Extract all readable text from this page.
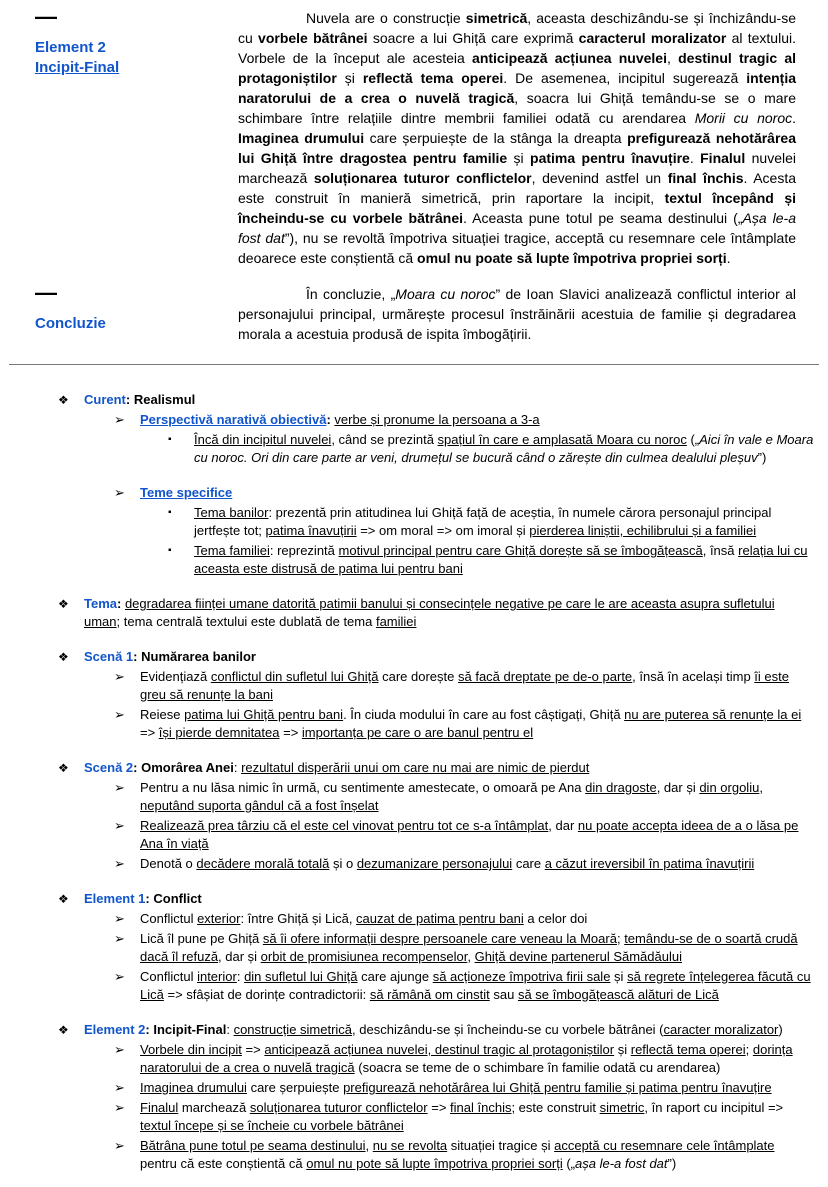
—
Element 2
Incipit-Final
Nuvela are o construcție simetrică, aceasta deschizându-se și închizându-se cu vorbele bătrânei soacre a lui Ghiță care exprimă caracterul moralizator al textului. Vorbele de la început ale acesteia anticipează acțiunea nuvelei, destinul tragic al protagoniștilor și reflectă tema operei. De asemenea, incipitul sugerează intenția naratorului de a crea o nuvelă tragică, soacra lui Ghiță temându-se se o mare schimbare între relațiile dintre membrii familiei odată cu arendarea Morii cu noroc. Imaginea drumului care șerpuiește de la stânga la dreapta prefigurează nehotărârea lui Ghiță între dragostea pentru familie și patima pentru înavuțire. Finalul nuvelei marchează soluționarea tuturor conflictelor, devenind astfel un final închis. Acesta este construit în manieră simetrică, prin raportare la incipit, textul începând și încheindu-se cu vorbele bătrânei. Aceasta pune totul pe seama destinului („Așa le-a fost dat”), nu se revoltă împotriva situației tragice, acceptă cu resemnare cele întâmplate deoarece este conștientă că omul nu poate să lupte împotriva propriei sorți.
—
Concluzie
În concluzie, „Moara cu noroc” de Ioan Slavici analizează conflictul interior al personajului principal, urmărește procesul înstrăinării acestuia de familie și degradarea morala a acestuia produsă de ispita îmbogățirii.
❖	Curent: Realismul
➢	Perspectivă narativă obiectivă: verbe și pronume la persoana a 3-a
▪	Încă din incipitul nuvelei, când se prezintă spațiul în care e amplasată Moara cu noroc („Aici în vale e Moara cu noroc. Ori din care parte ar veni, drumețul se bucură când o zărește din culmea dealului pleșuv”)
➢	Teme specifice
▪	Tema banilor: prezentă prin atitudinea lui Ghiță față de aceștia, în numele cărora personajul principal jertfește tot; patima înavuțirii => om moral => om imoral și pierderea liniștii, echilibrului și a familiei
▪	Tema familiei: reprezintă motivul principal pentru care Ghiță dorește să se îmbogățească, însă relația lui cu aceasta este distrusă de patima lui pentru bani
❖	Tema: degradarea ființei umane datorită patimii banului și consecințele negative pe care le are aceasta asupra sufletului uman; tema centrală textului este dublată de tema familiei
❖	Scenă 1: Numărarea banilor
➢	Evidențiază conflictul din sufletul lui Ghiță care dorește să facă dreptate pe de-o parte, însă în același timp îi este greu să renunțe la bani
➢	Reiese patima lui Ghiță pentru bani. În ciuda modului în care au fost câștigați, Ghiță nu are puterea să renunțe la ei => își pierde demnitatea => importanța pe care o are banul pentru el
❖	Scenă 2: Omorârea Anei: rezultatul disperării unui om care nu mai are nimic de pierdut
➢	Pentru a nu lăsa nimic în urmă, cu sentimente amestecate, o omoară pe Ana din dragoste, dar și din orgoliu, neputând suporta gândul că a fost înșelat
➢	Realizează prea târziu că el este cel vinovat pentru tot ce s-a întâmplat, dar nu poate accepta ideea de a o lăsa pe Ana în viață
➢	Denotă o decădere morală totală și o dezumanizare personajului care a căzut ireversibil în patima înavuțirii
❖	Element 1: Conflict
➢	Conflictul exterior: între Ghiță și Lică, cauzat de patima pentru bani a celor doi
➢	Lică îl pune pe Ghiță să îi ofere informații despre persoanele care veneau la Moară; temându-se de o soartă crudă dacă îl refuză, dar și orbit de promisiunea recompenselor, Ghiță devine partenerul Sămădăului
➢	Conflictul interior: din sufletul lui Ghiță care ajunge să acționeze împotriva firii sale și să regrete înțelegerea făcută cu Lică => sfâșiat de dorințe contradictorii: să rămână om cinstit sau să se îmbogățească alături de Lică
❖	Element 2: Incipit-Final: construcție simetrică, deschizându-se și încheindu-se cu vorbele bătrânei (caracter moralizator)
➢	Vorbele din incipit => anticipează acțiunea nuvelei, destinul tragic al protagoniștilor și reflectă tema operei; dorința naratorului de a crea o nuvelă tragică (soacra se teme de o schimbare în familie odată cu arendarea)
➢	Imaginea drumului care șerpuiește prefigurează nehotărârea lui Ghiță pentru familie și patima pentru înavuțire
➢	Finalul marchează soluționarea tuturor conflictelor => final închis; este construit simetric, în raport cu incipitul => textul începe și se încheie cu vorbele bătrânei
➢	Bătrâna pune totul pe seama destinului, nu se revolta situației tragice și acceptă cu resemnare cele întâmplate pentru că este conștientă că omul nu pote să lupte împotriva propriei sorți („așa le-a fost dat”)
